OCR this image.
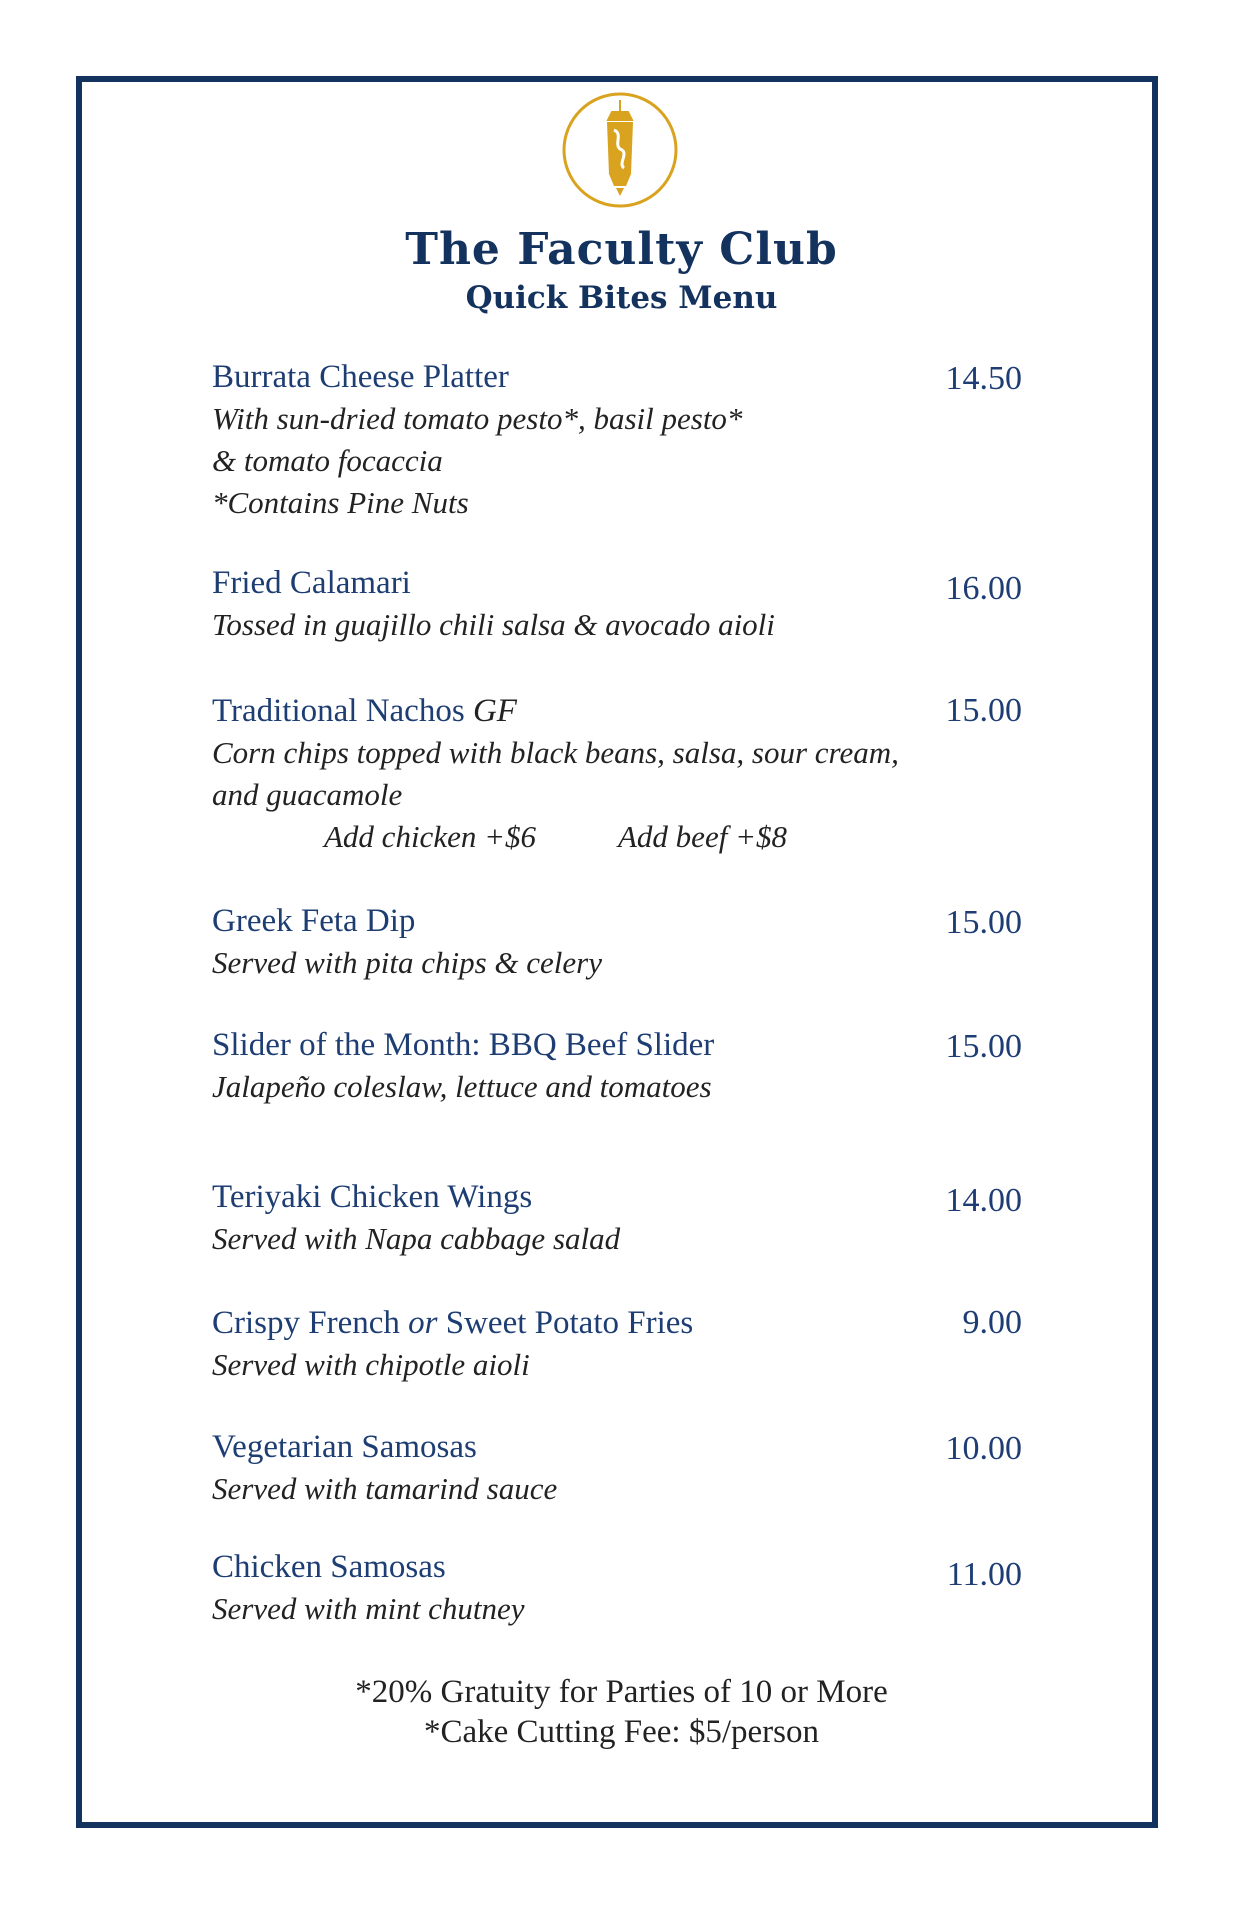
The Faculty Club
Quick Bites Menu
Burrata Cheese Platter	14.50
With sun-dried tomato pesto*, basil pesto*
& tomato focaccia
*Contains Pine Nuts
Fried Calamari	16.00
Tossed in guajillo chili salsa & avocado aioli
Traditional Nachos GF	15.00
Corn chips topped with black beans, salsa, sour cream,
and guacamole
Add chicken +$6	Add beef +$8
Greek Feta Dip	15.00
Served with pita chips & celery
Slider of the Month: BBQ Beef Slider	15.00
Jalapeño coleslaw, lettuce and tomatoes
Teriyaki Chicken Wings	14.00
Served with Napa cabbage salad
Crispy French or Sweet Potato Fries	9.00
Served with chipotle aioli
Vegetarian Samosas	10.00
Served with tamarind sauce
Chicken Samosas	11.00
Served with mint chutney
*20% Gratuity for Parties of 10 or More
*Cake Cutting Fee: $5/person
